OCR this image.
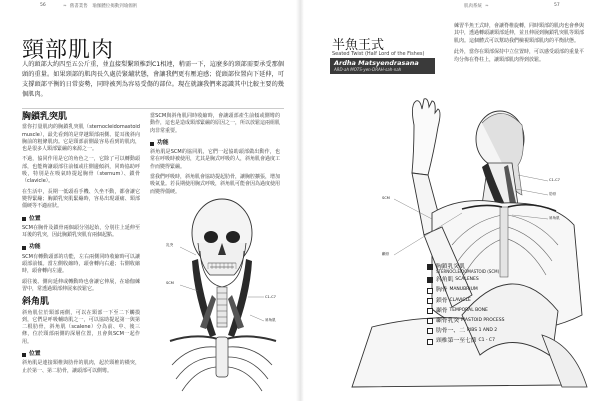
56	❧ 舊書業售　瑜伽體位揭動到瑜伽術
頸部肌肉
人的頭部大約四至五公斤重，並直接梨繫頸椎到C1相連，稍需一下，這麼多的頸部需要承受那個頭的重量。如果頸部的肌肉長久處於緊繃狀態，會讓我們更有壓迫感；從頭部位置向下延伸，可支撐頭部平衡的日常姿勢，同時被列為容易受傷的部位。現在就讓我們來認識其中比較主要的幾個肌肉。
胸鎖乳突肌
當你打量肌肉的胸鎖乳突肌（sternocleidomastoid muscle），最先看到的是穿越頸部兩側、從耳後斜向胸前的粗條肌肉。它是頸部前側最容易看到的肌肉，也是很多人頸部緊繃的來源之一。
不過，協同作用是它的角色之一，它除了可以轉動頭部，也能夠讓頭部往前傾或往側邊傾斜，同時協助呼吸，特別是在吸氣時提起胸骨（sternum）、鎖骨（clavicle）。
在生活中，長期一低頭看手機、久坐不動，都會讓它變得緊繃；胸鎖乳突肌緊繃時，容易出現頭痛、頸部僵硬等不適症狀。
位置
SCM在胸骨及鎖骨兩個頭分別起始，分別往上延伸至耳後的乳突，因此胸鎖乳突肌有兩個起點。
功能
SCM有轉動頭部的功能，左右兩側同時收縮時可以讓頭部前傾。當左側收縮時，頭會轉向右邊；右側收縮時，頭會轉向左邊。
頭往後、側向延伸或轉動時也會讓它伸展，在瑜伽練習中，常透過頸部伸展來放鬆它。
斜角肌
斜角肌位於頸部兩側，可以在頸部一下至二下觸摸到，它們是呼吸輔助肌之一，可以協助提起第一與第二根肋骨，斜角肌（scalene）分為前、中、後三條，位於頸部兩側的深層位置，且會與SCM一起作用。
位置
斜角肌是連接頸椎與肋骨的肌肉，起於頸椎的橫突，止於第一、第二肋骨，讓頭部可以側彎。
當SCM與斜角肌同時收縮時，會讓頭部產生前傾或側彎的動作，這也是造成頸部緊繃的原因之一，所以放鬆這兩組肌肉非常重要。
功能
斜角肌是SCM的協同肌，它們一起協助頭部做出動作，也常在呼吸時被使用，尤其是胸式呼吸的人，斜角肌會過度工作而變得緊繃。
當我們呼吸時，斜角肌會協助提起肋骨，讓胸腔擴張，增加吸氣量。若長期使用胸式呼吸，斜角肌可能會因為過度使用而變得僵硬。
乳突
SCM
C1-C7
斜角肌
肌肉系統 ❧	57
半魚王式
Seated Twist (Half Lord of the Fishes)
Ardha Matsyendrasana
ARD-ah MOTS-yen-DRAH-sah-nah
練習半魚王式時，會讓脊椎旋轉，同時頸部的肌肉也會參與其中，透過轉頭讓頸部延伸，並且伸展到胸鎖乳突肌等頸部肌肉。這個體式可以幫助我們檢視頸部肌肉的平衡狀態。
此外，當你在頸部保持中立位置時，可以感受頭部的重量平均分佈在脊柱上，讓頸部肌肉得到放鬆。
C1-C7
肋骨
斜角肌
SCM
顳骨
胸鎖乳突肌

STERNOCLEIDOMASTOID (SCM)
斜角肌
SCALENES
胸骨
MANUBRIUM
鎖骨
CLAVICLE
顳骨
TEMPORAL BONE
顳骨乳突
MASTOID PROCESS
肋骨一、二
RIBS 1 AND 2
頸椎第一至七節
C1 - C7
